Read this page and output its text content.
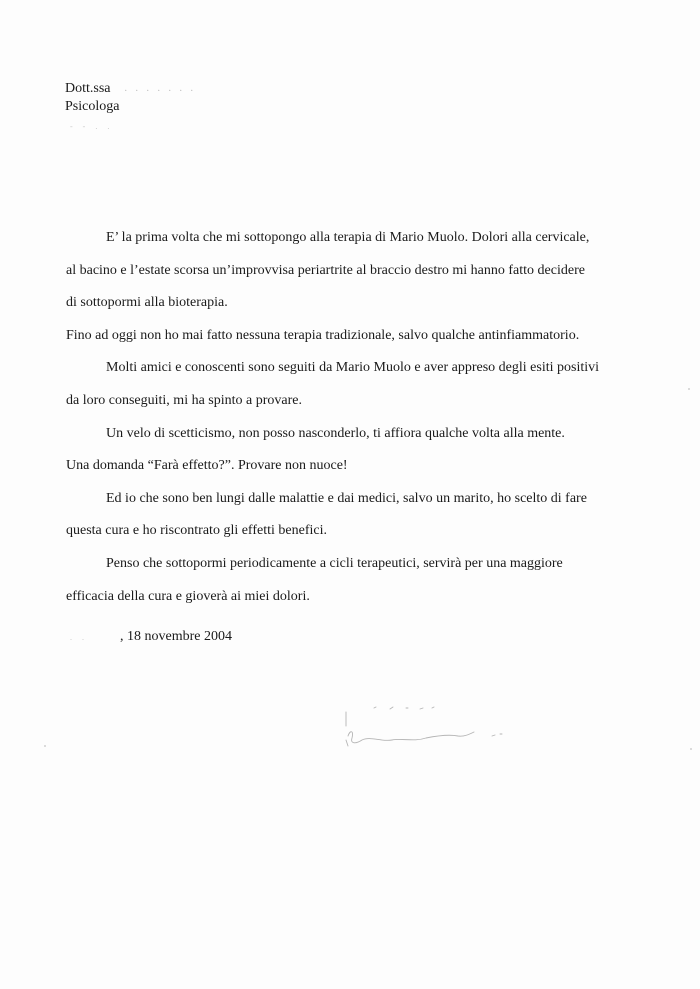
Dott.ssa . . . . . . .
Psicologa
- - . .
E’ la prima volta che mi sottopongo alla terapia di Mario Muolo. Dolori alla cervicale,
al bacino e l’estate scorsa un’improvvisa periartrite al braccio destro mi hanno fatto decidere
di sottopormi alla bioterapia.
Fino ad oggi non ho mai fatto nessuna terapia tradizionale, salvo qualche antinfiammatorio.
Molti amici e conoscenti sono seguiti da Mario Muolo e aver appreso degli esiti positivi
da loro conseguiti, mi ha spinto a provare.
Un velo di scetticismo, non posso nasconderlo, ti affiora qualche volta alla mente.
Una domanda “Farà effetto?”. Provare non nuoce!
Ed io che sono ben lungi dalle malattie e dai medici, salvo un marito, ho scelto di fare
questa cura e ho riscontrato gli effetti benefici.
Penso che sottopormi periodicamente a cicli terapeutici, servirà per una maggiore
efficacia della cura e gioverà ai miei dolori.
. . , 18 novembre 2004
